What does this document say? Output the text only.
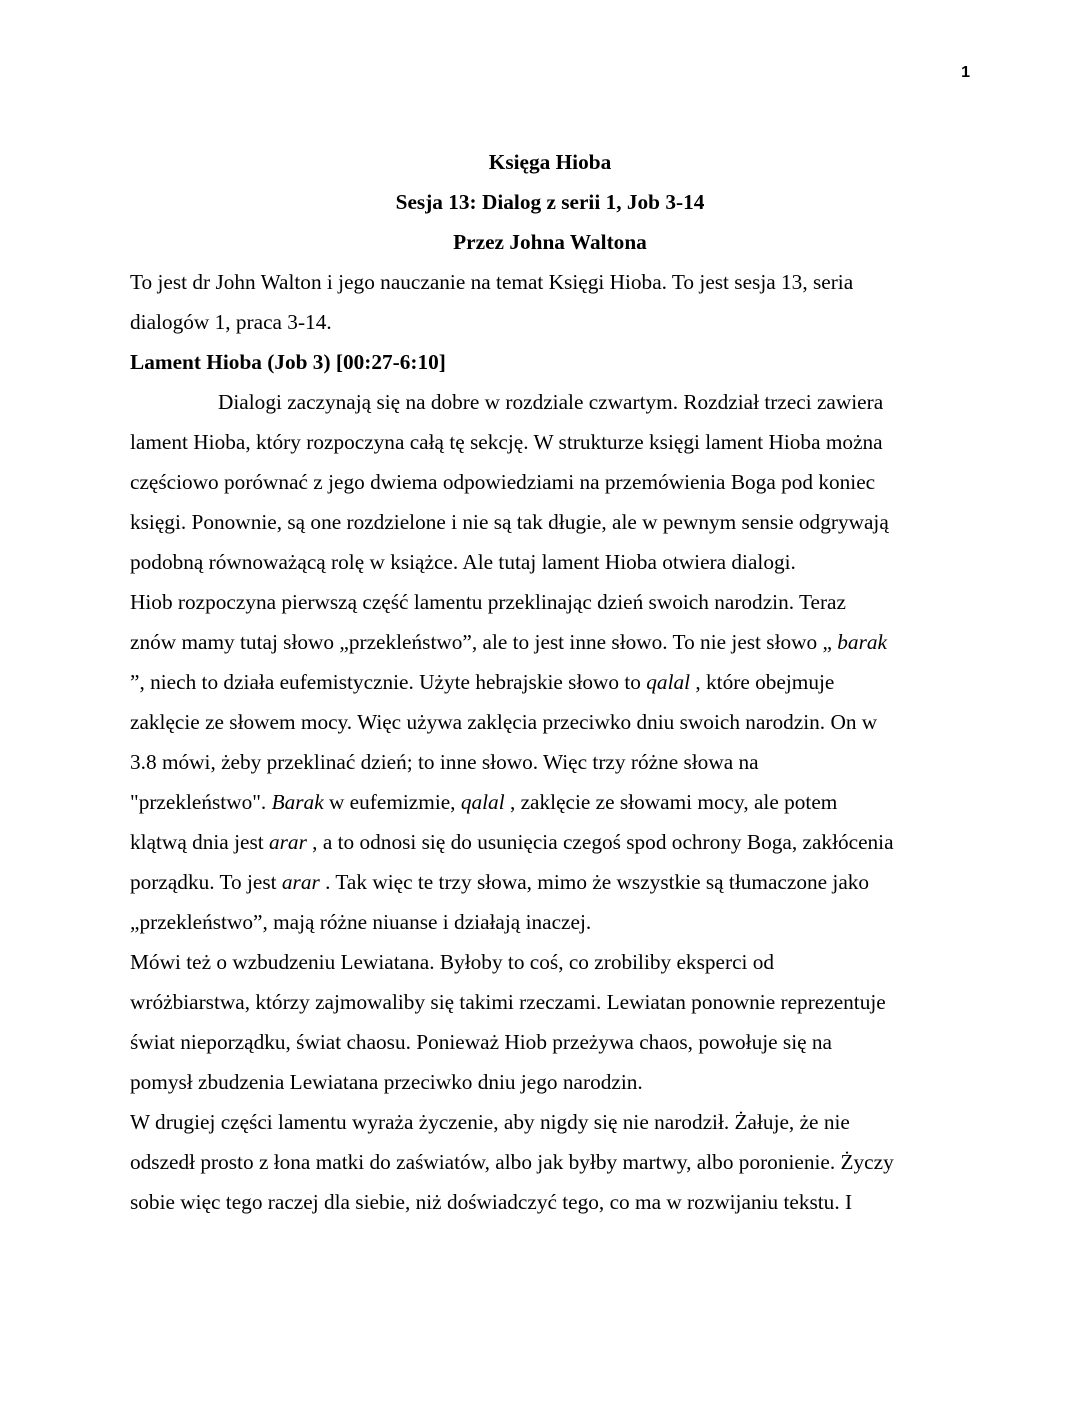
1
Księga Hioba
Sesja 13: Dialog z serii 1, Job 3-14
Przez Johna Waltona

To jest dr John Walton i jego nauczanie na temat Księgi Hioba. To jest sesja 13, seria
dialogów 1, praca 3-14.

Lament Hioba (Job 3) [00:27-6:10]

Dialogi zaczynają się na dobre w rozdziale czwartym. Rozdział trzeci zawiera
lament Hioba, który rozpoczyna całą tę sekcję. W strukturze księgi lament Hioba można
częściowo porównać z jego dwiema odpowiedziami na przemówienia Boga pod koniec
księgi. Ponownie, są one rozdzielone i nie są tak długie, ale w pewnym sensie odgrywają
podobną równoważącą rolę w książce. Ale tutaj lament Hioba otwiera dialogi.

Hiob rozpoczyna pierwszą część lamentu przeklinając dzień swoich narodzin. Teraz
znów mamy tutaj słowo „przekleństwo”, ale to jest inne słowo. To nie jest słowo „ barak
”, niech to działa eufemistycznie. Użyte hebrajskie słowo to qalal , które obejmuje
zaklęcie ze słowem mocy. Więc używa zaklęcia przeciwko dniu swoich narodzin. On w
3.8 mówi, żeby przeklinać dzień; to inne słowo. Więc trzy różne słowa na
"przekleństwo". Barak w eufemizmie, qalal , zaklęcie ze słowami mocy, ale potem
klątwą dnia jest arar , a to odnosi się do usunięcia czegoś spod ochrony Boga, zakłócenia
porządku. To jest arar . Tak więc te trzy słowa, mimo że wszystkie są tłumaczone jako
„przekleństwo”, mają różne niuanse i działają inaczej.

Mówi też o wzbudzeniu Lewiatana. Byłoby to coś, co zrobiliby eksperci od
wróżbiarstwa, którzy zajmowaliby się takimi rzeczami. Lewiatan ponownie reprezentuje
świat nieporządku, świat chaosu. Ponieważ Hiob przeżywa chaos, powołuje się na
pomysł zbudzenia Lewiatana przeciwko dniu jego narodzin.

W drugiej części lamentu wyraża życzenie, aby nigdy się nie narodził. Żałuje, że nie
odszedł prosto z łona matki do zaświatów, albo jak byłby martwy, albo poronienie. Życzy
sobie więc tego raczej dla siebie, niż doświadczyć tego, co ma w rozwijaniu tekstu. I
